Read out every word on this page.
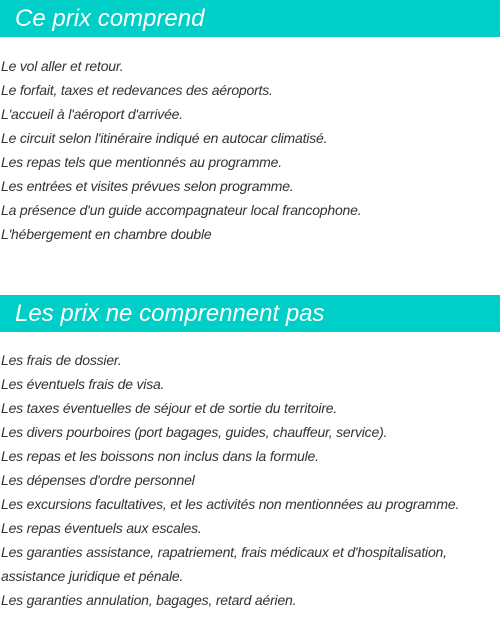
Ce prix comprend
Le vol aller et retour.
Le forfait, taxes et redevances des aéroports.
L'accueil à l'aéroport d'arrivée.
Le circuit selon l'itinéraire indiqué en autocar climatisé.
Les repas tels que mentionnés au programme.
Les entrées et visites prévues selon programme.
La présence d'un guide accompagnateur local francophone.
L'hébergement en chambre double
Les prix ne comprennent pas
Les frais de dossier.
Les éventuels frais de visa.
Les taxes éventuelles de séjour et de sortie du territoire.
Les divers pourboires (port bagages, guides, chauffeur, service).
Les repas et les boissons non inclus dans la formule.
Les dépenses d'ordre personnel
Les excursions facultatives, et les activités non mentionnées au programme.
Les repas éventuels aux escales.
Les garanties assistance, rapatriement, frais médicaux et d'hospitalisation,
assistance juridique et pénale.
Les garanties annulation, bagages, retard aérien.
